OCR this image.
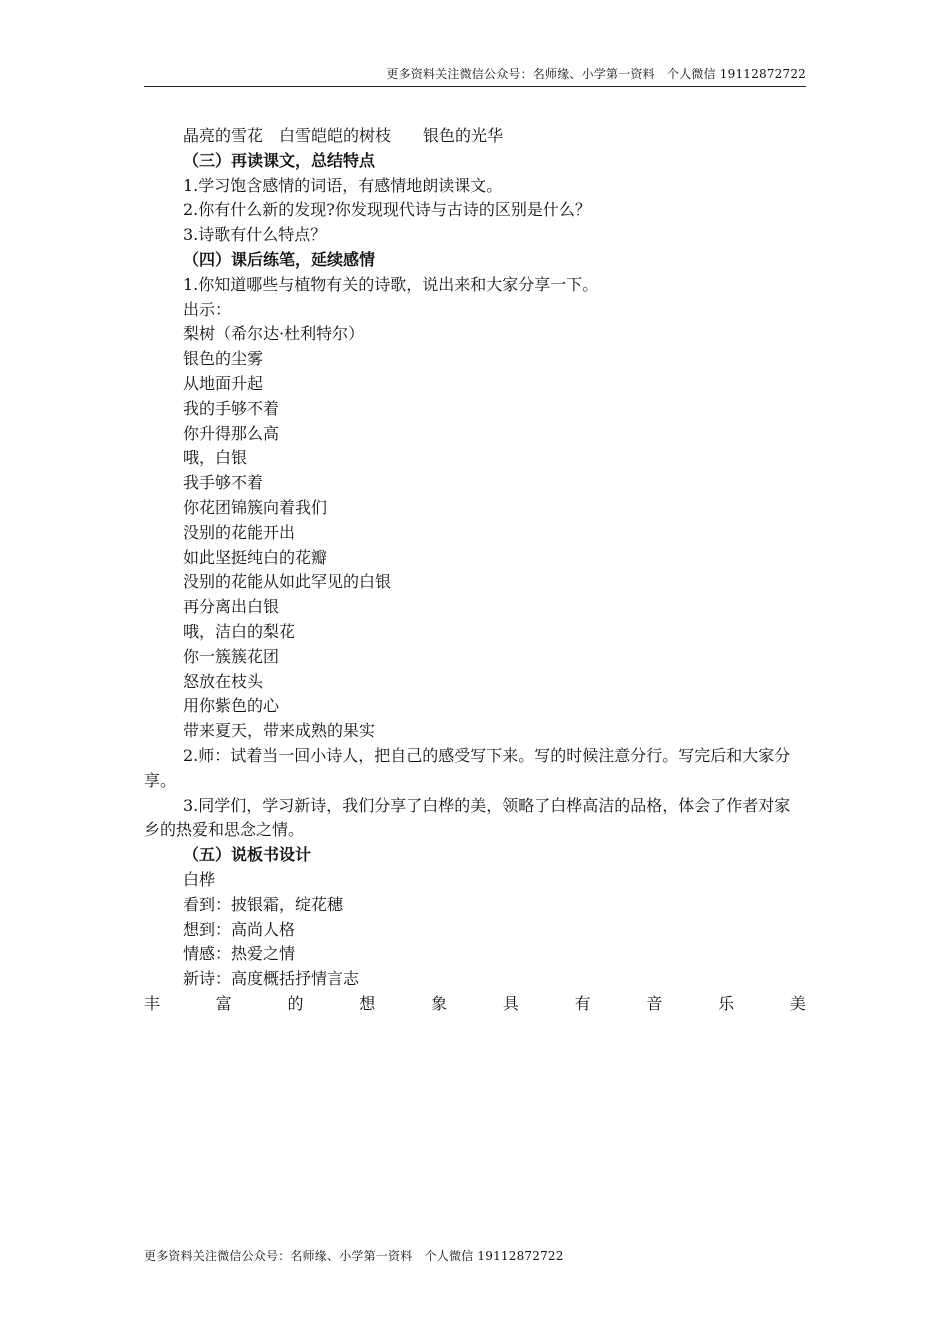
更多资料关注微信公众号：名师缘、小学第一资料　个人微信 19112872722
晶亮的雪花　白雪皑皑的树枝　　银色的光华
（三）再读课文，总结特点
1.学习饱含感情的词语，有感情地朗读课文。
2.你有什么新的发现?你发现现代诗与古诗的区别是什么？
3.诗歌有什么特点？
（四）课后练笔，延续感情
1.你知道哪些与植物有关的诗歌，说出来和大家分享一下。
出示：
梨树（希尔达·杜利特尔）
银色的尘雾
从地面升起
我的手够不着
你升得那么高
哦，白银
我手够不着
你花团锦簇向着我们
没别的花能开出
如此坚挺纯白的花瓣
没别的花能从如此罕见的白银
再分离出白银
哦，洁白的梨花
你一簇簇花团
怒放在枝头
用你紫色的心
带来夏天，带来成熟的果实
2.师：试着当一回小诗人，把自己的感受写下来。写的时候注意分行。写完后和大家分享。
3.同学们，学习新诗，我们分享了白桦的美，领略了白桦高洁的品格，体会了作者对家乡的热爱和思念之情。
（五）说板书设计
白桦
看到：披银霜，绽花穗
想到：高尚人格
情感：热爱之情
新诗：高度概括抒情言志
丰	富	的	想	象	具	有	音	乐	美
更多资料关注微信公众号：名师缘、小学第一资料　个人微信 19112872722
